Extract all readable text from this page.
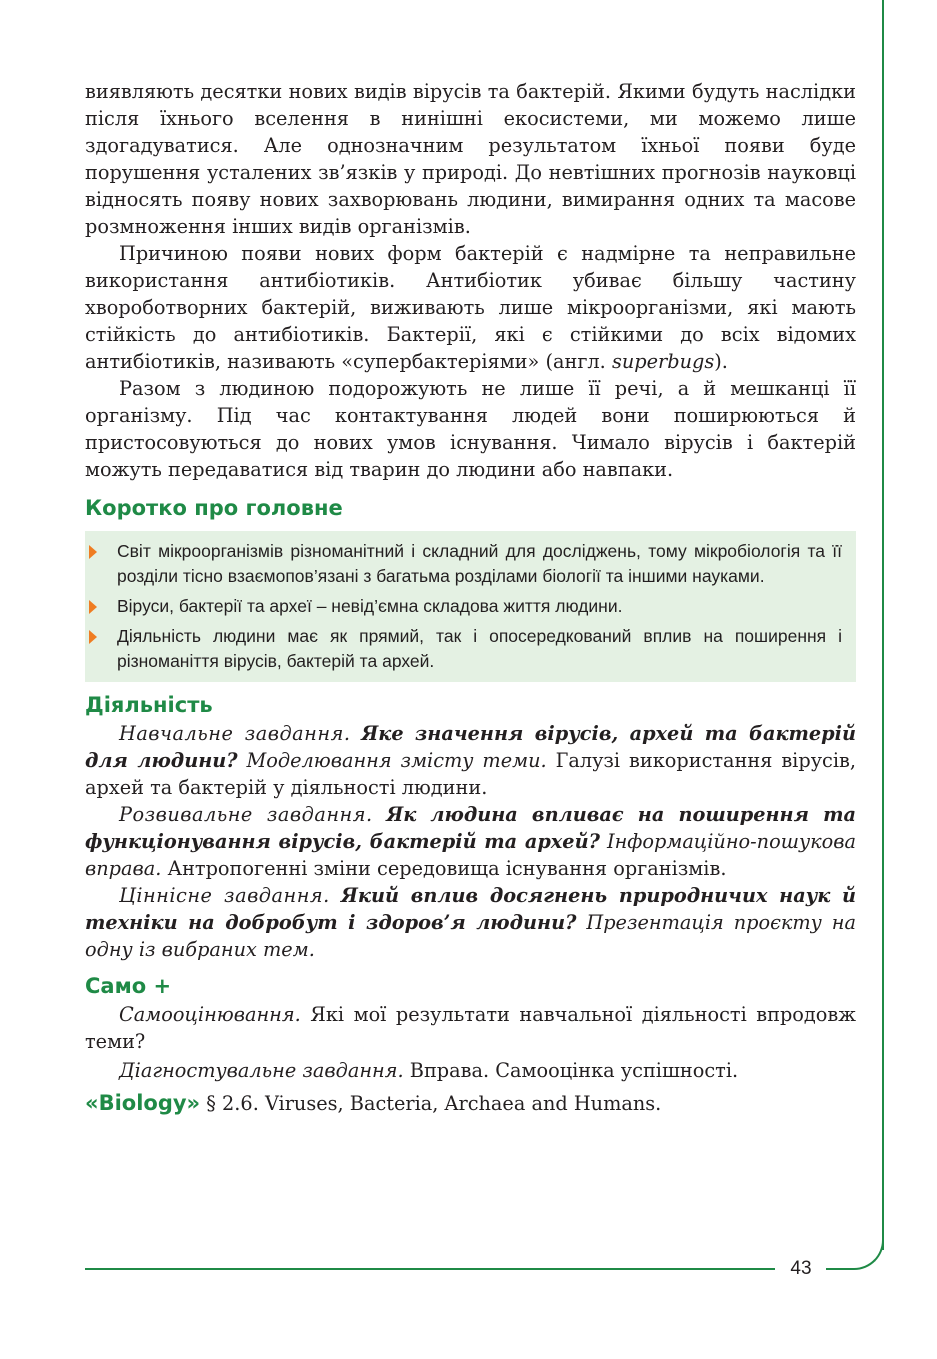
43

виявляють десятки нових видів вірусів та бактерій. Якими будуть наслідки після їхнього вселення в нинішні екосистеми, ми можемо лише здогадуватися. Але однозначним результатом їхньої появи буде порушення усталених зв’язків у природі. До невтішних прогнозів науковці відносять появу нових захворювань людини, вимирання одних та масове розмноження інших видів організмів.

Причиною появи нових форм бактерій є надмірне та неправильне використання антибіотиків. Антибіотик убиває більшу частину хвороботворних бактерій, виживають лише мікроорганізми, які мають стійкість до антибіотиків. Бактерії, які є стійкими до всіх відомих антибіотиків, називають «супербактеріями» (англ. superbugs).

Разом з людиною подорожують не лише її речі, а й мешканці її організму. Під час контактування людей вони поширюються й пристосовуються до нових умов існування. Чимало вірусів і бактерій можуть передаватися від тварин до людини або навпаки.

Коротко про головне
Світ мікроорганізмів різноманітний і складний для досліджень, тому мікробіологія та її розділи тісно взаємопов’язані з багатьма розділами біології та іншими науками.
Віруси, бактерії та археї – невід’ємна складова життя людини.
Діяльність людини має як прямий, так і опосередкований вплив на поширення і різноманіття вірусів, бактерій та архей.
Діяльність

Навчальне завдання. Яке значення вірусів, архей та бактерій для людини? Моделювання змісту теми. Галузі використання вірусів, архей та бактерій у діяльності людини.

Розвивальне завдання. Як людина впливає на поширення та функціонування вірусів, бактерій та архей? Інформаційно-пошукова вправа. Антропогенні зміни середовища існування організмів.

Ціннісне завдання. Який вплив досягнень природничих наук й техніки на добробут і здоров’я людини? Презентація проєкту на одну із вибраних тем.

Само +

Самооцінювання. Які мої результати навчальної діяльності впродовж теми?

Діагностувальне завдання. Вправа. Самооцінка успішності.

«Biology» § 2.6. Viruses, Bacteria, Archaea and Humans.
